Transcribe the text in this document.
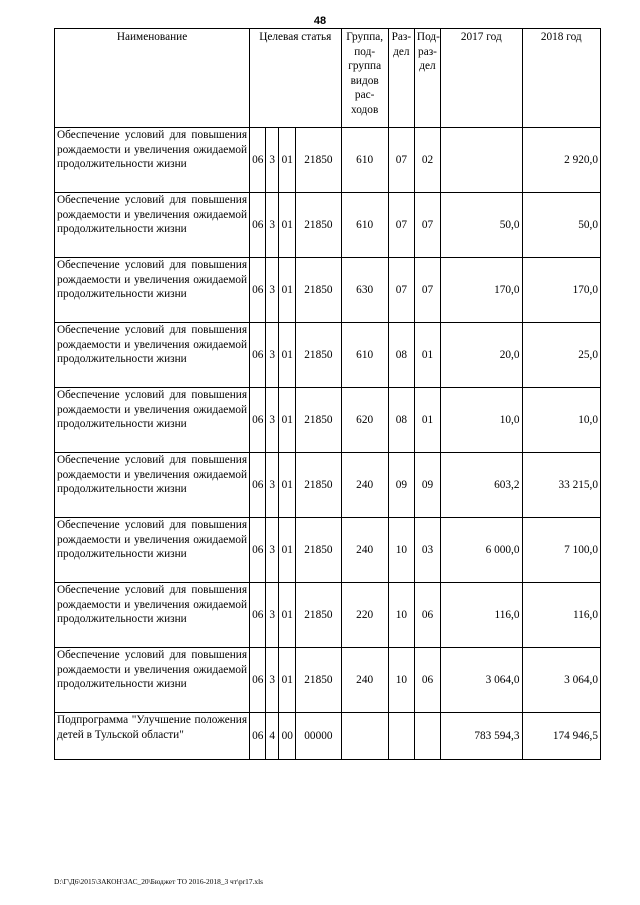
48
Наименование	Целевая статья				Группа, под-группа видов рас-ходов	Раз-дел	Под-раз-дел	2017 год	2018 год
Обеспечение условий для повышения рождаемости и увеличения ожидаемой продолжительности жизни	06	3	01	21850	610	07	02		2 920,0
Обеспечение условий для повышения рождаемости и увеличения ожидаемой продолжительности жизни	06	3	01	21850	610	07	07	50,0	50,0
Обеспечение условий для повышения рождаемости и увеличения ожидаемой продолжительности жизни	06	3	01	21850	630	07	07	170,0	170,0
Обеспечение условий для повышения рождаемости и увеличения ожидаемой продолжительности жизни	06	3	01	21850	610	08	01	20,0	25,0
Обеспечение условий для повышения рождаемости и увеличения ожидаемой продолжительности жизни	06	3	01	21850	620	08	01	10,0	10,0
Обеспечение условий для повышения рождаемости и увеличения ожидаемой продолжительности жизни	06	3	01	21850	240	09	09	603,2	33 215,0
Обеспечение условий для повышения рождаемости и увеличения ожидаемой продолжительности жизни	06	3	01	21850	240	10	03	6 000,0	7 100,0
Обеспечение условий для повышения рождаемости и увеличения ожидаемой продолжительности жизни	06	3	01	21850	220	10	06	116,0	116,0
Обеспечение условий для повышения рождаемости и увеличения ожидаемой продолжительности жизни	06	3	01	21850	240	10	06	3 064,0	3 064,0
Подпрограмма "Улучшение положения детей в Тульской области"	06	4	00	00000				783 594,3	174 946,5
D:\Г\Д6\2015\ЗАКОН\ЗАС_20\Бюджет ТО 2016-2018_3 чт\pr17.xls
